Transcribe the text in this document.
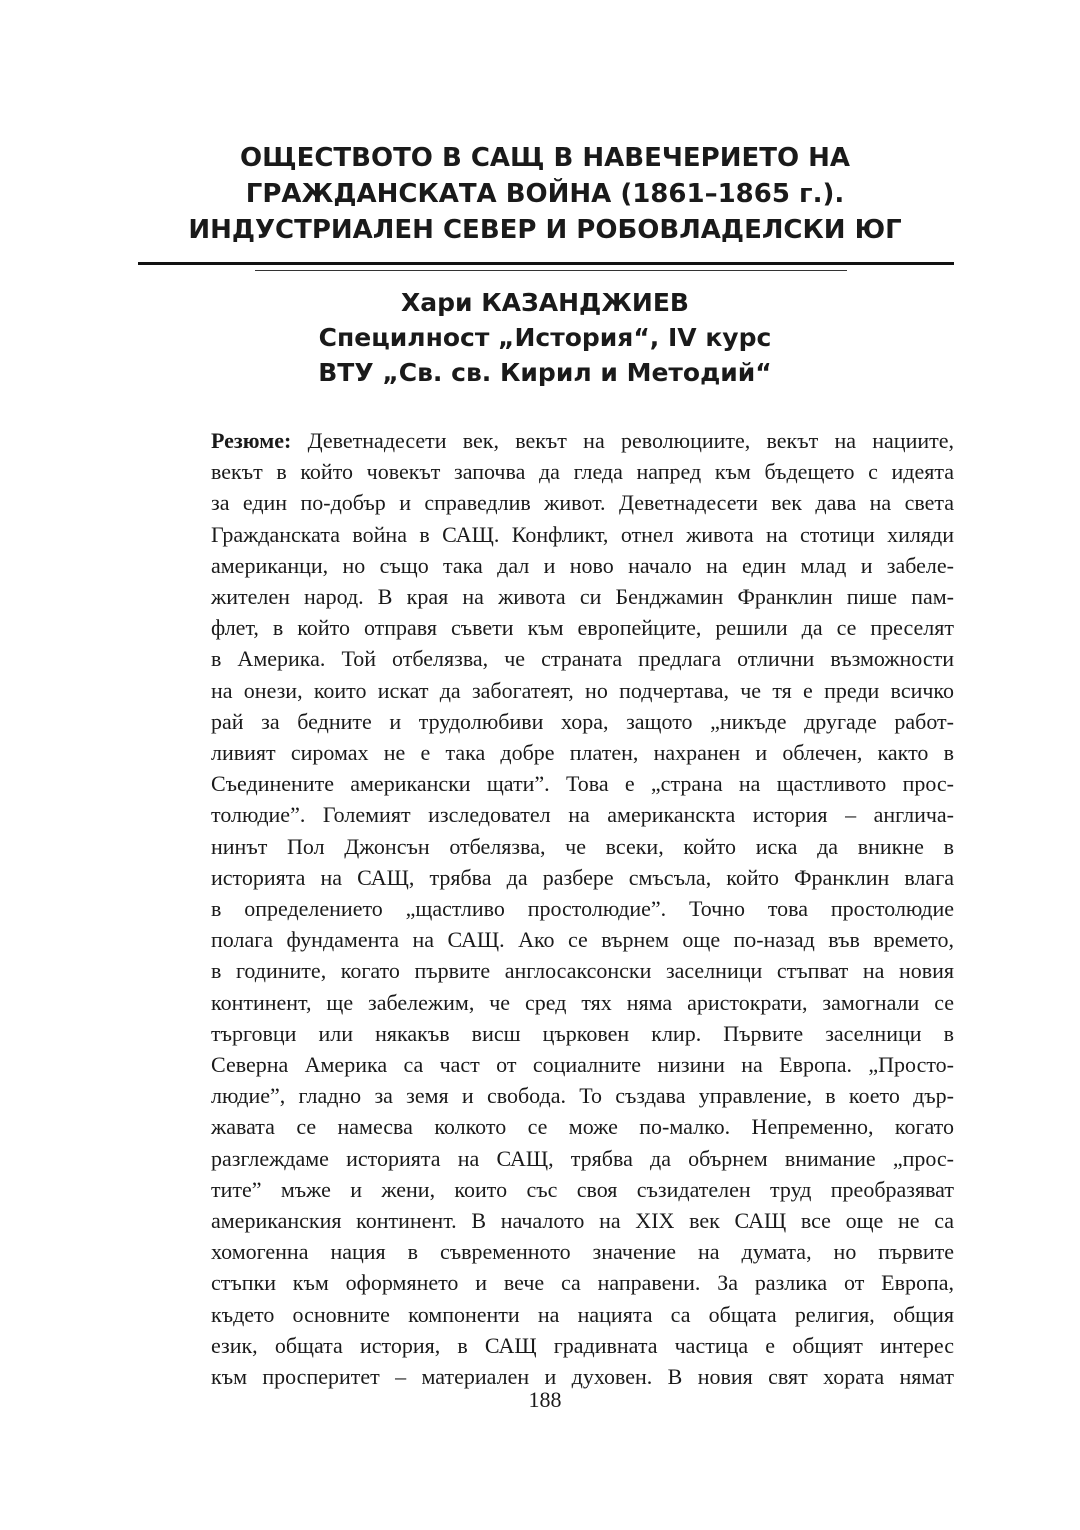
ОЩЕСТВОТО В САЩ В НАВЕЧЕРИЕТО НА
ГРАЖДАНСКАТА ВОЙНА (1861–1865 г.).
ИНДУСТРИАЛЕН СЕВЕР И РОБОВЛАДЕЛСКИ ЮГ
Хари КАЗАНДЖИЕВ
Специлност „История“, IV курс
ВТУ „Св. св. Кирил и Методий“
Резюме: Деветнадесети век, векът на революциите, векът на нациите,
векът в който човекът започва да гледа напред към бъдещето с идеята
за един по-добър и справедлив живот. Деветнадесети век дава на света
Гражданската война в САЩ. Конфликт, отнел живота на стотици хиляди
американци, но също така дал и ново начало на един млад и забеле-
жителен народ. В края на живота си Бенджамин Франклин пише пам-
флет, в който отправя съвети към европейците, решили да се преселят
в Америка. Той отбелязва, че страната предлага отлични възможности
на онези, които искат да забогатеят, но подчертава, че тя е преди всичко
рай за бедните и трудолюбиви хора, защото „никъде другаде работ-
ливият сиромах не е така добре платен, нахранен и облечен, както в
Съединените американски щати”. Това е „страна на щастливото прос-
толюдие”. Големият изследовател на американскта история – англича-
нинът Пол Джонсън отбелязва, че всеки, който иска да вникне в
историята на САЩ, трябва да разбере смъсъла, който Франклин влага
в определението „щастливо простолюдие”. Точно това простолюдие
полага фундамента на САЩ. Ако се върнем още по-назад във времето,
в годините, когато първите англосаксонски заселници стъпват на новия
континент, ще забележим, че сред тях няма аристократи, замогнали се
търговци или някакъв висш църковен клир. Първите заселници в
Северна Америка са част от социалните низини на Европа. „Просто-
людие”, гладно за земя и свобода. То създава управление, в което дър-
жавата се намесва колкото се може по-малко. Непременно, когато
разглеждаме историята на САЩ, трябва да обърнем внимание „прос-
тите” мъже и жени, които със своя съзидателен труд преобразяват
американския континент. В началото на XIX век САЩ все още не са
хомогенна нация в съвременното значение на думата, но първите
стъпки към оформянето и вече са направени. За разлика от Европа,
където основните компоненти на нацията са общата религия, общия
език, общата история, в САЩ градивната частица е общият интерес
към просперитет – материален и духовен. В новия свят хората нямат
188
